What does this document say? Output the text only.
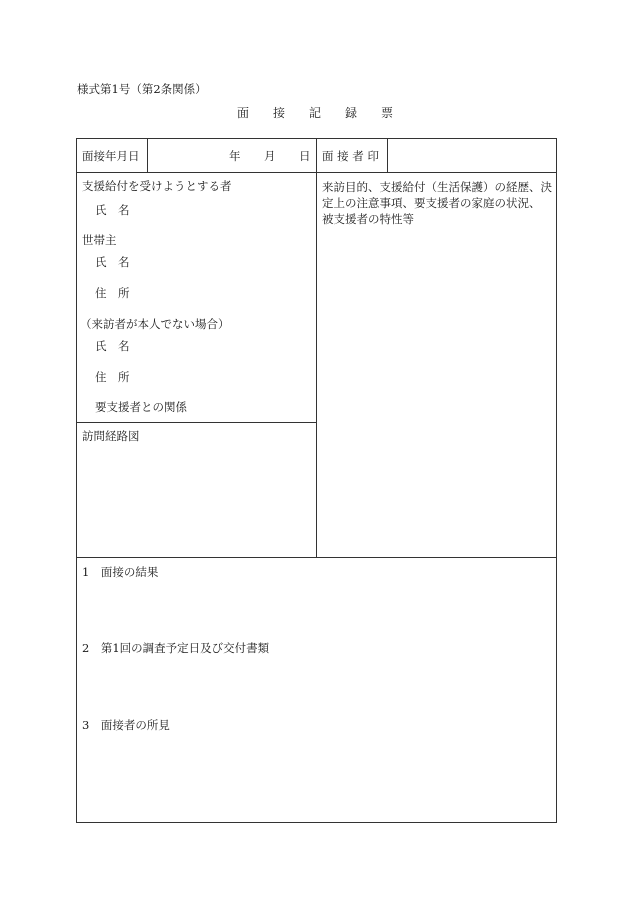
様式第1号（第2条関係）
面　　接　　記　　録　　票
面接年月日	年 月 日 面 接 者 印
支援給付を受けようとする者
氏　名
世帯主
氏　名
住　所
（来訪者が本人でない場合）
氏　名
住　所
要支援者との関係
訪問経路図
来訪目的、支援給付（生活保護）の経歴、決
定上の注意事項、要支援者の家庭の状況、
被支援者の特性等
1　面接の結果
2　第1回の調査予定日及び交付書類
3　面接者の所見
